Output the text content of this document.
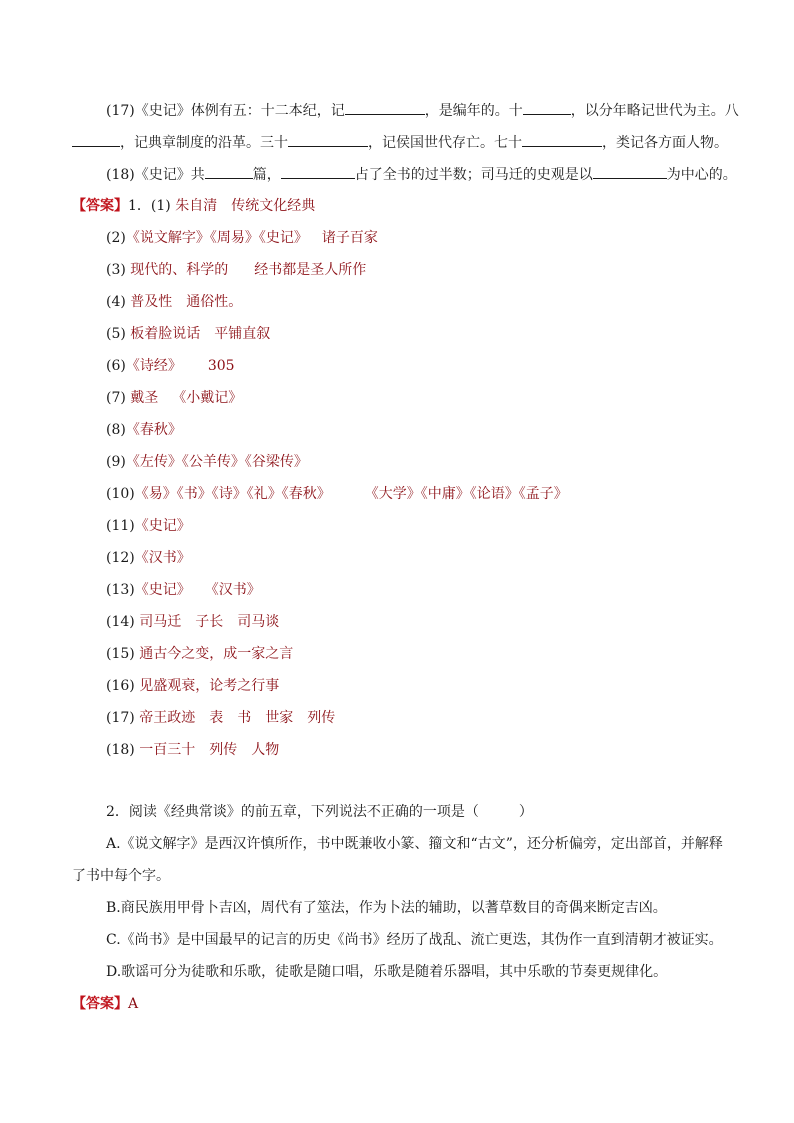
(17)《史记》体例有五：十二本纪，记	，是编年的。十	，以分年略记世代为主。八
，记典章制度的沿革。三十	，记侯国世代存亡。七十	，类记各方面人物。
(18)《史记》共	篇，	占了全书的过半数；司马迁的史观是以	为中心的。
【答案】1．(1) 朱自清 传统文化经典
(2)《说文解字》《周易》《史记》 诸子百家
(3) 现代的、科学的 经书都是圣人所作
(4) 普及性 通俗性。
(5) 板着脸说话 平铺直叙
(6)《诗经》 305
(7) 戴圣 《小戴记》
(8)《春秋》
(9)《左传》《公羊传》《谷梁传》
(10)《易》《书》《诗》《礼》《春秋》 《大学》《中庸》《论语》《孟子》
(11)《史记》
(12)《汉书》
(13)《史记》 《汉书》
(14) 司马迁 子长 司马谈
(15) 通古今之变，成一家之言
(16) 见盛观衰，论考之行事
(17) 帝王政迹 表 书 世家 列传
(18) 一百三十 列传 人物
2．阅读《经典常谈》的前五章，下列说法不正确的一项是（	）
A.《说文解字》是西汉许慎所作，书中既兼收小篆、籀文和“古文”，还分析偏旁，定出部首，并解释
了书中每个字。
B.商民族用甲骨卜吉凶，周代有了筮法，作为卜法的辅助，以蓍草数目的奇偶来断定吉凶。
C.《尚书》是中国最早的记言的历史《尚书》经历了战乱、流亡更迭，其伪作一直到清朝才被证实。
D.歌谣可分为徒歌和乐歌，徒歌是随口唱，乐歌是随着乐器唱，其中乐歌的节奏更规律化。
【答案】A
